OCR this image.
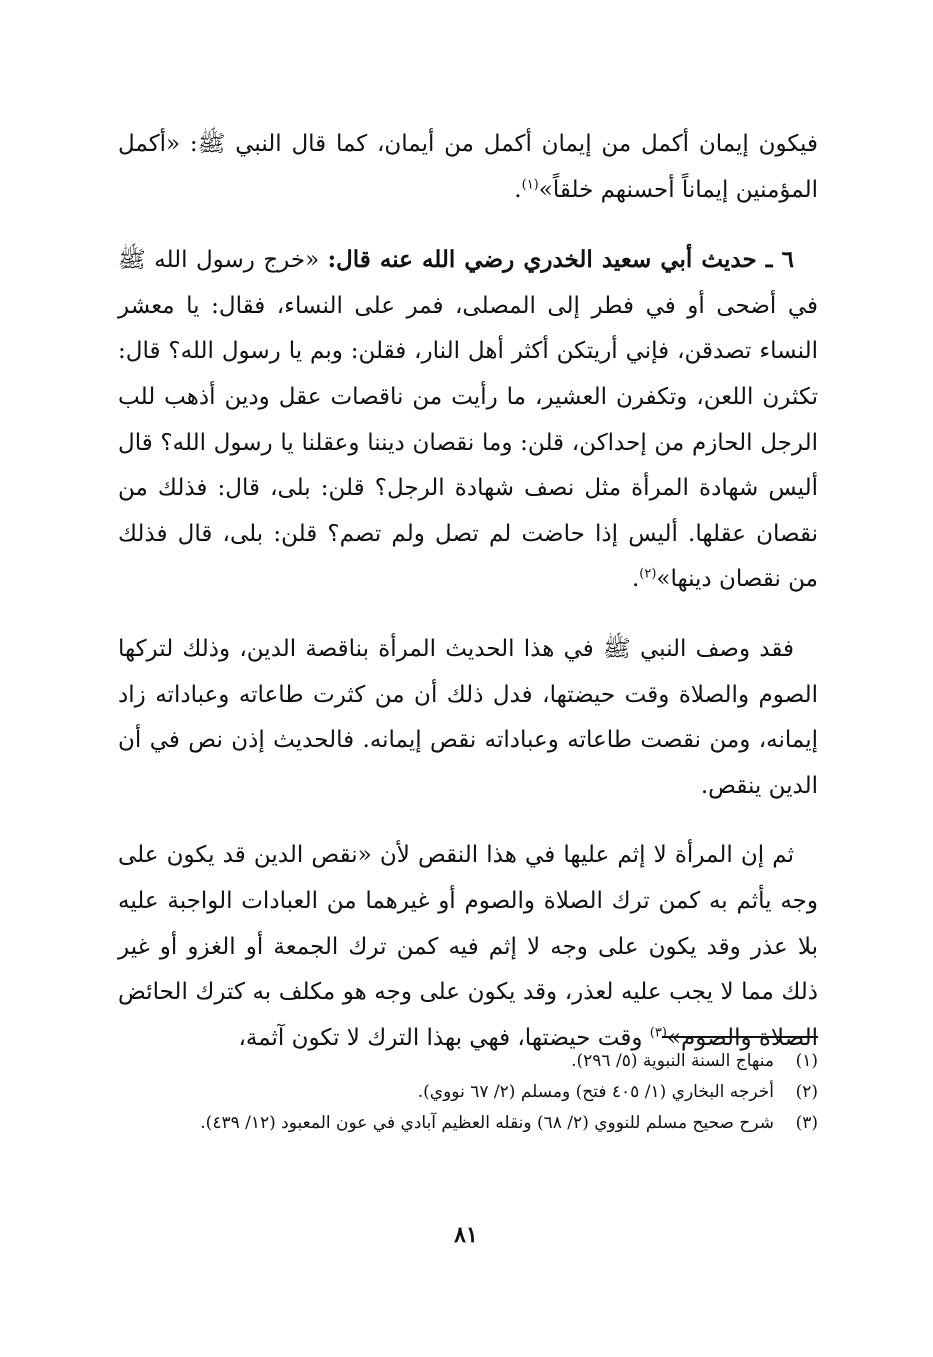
فيكون إيمان أكمل من إيمان أكمل من أيمان، كما قال النبي ﷺ: «أكمل المؤمنين إيماناً أحسنهم خلقاً»$^{(١)}$.

٦ ـ حديث أبي سعيد الخدري رضي الله عنه قال: «خرج رسول الله ﷺ في أضحى أو في فطر إلى المصلى، فمر على النساء، فقال: يا معشر النساء تصدقن، فإني أريتكن أكثر أهل النار، فقلن: وبم يا رسول الله؟ قال: تكثرن اللعن، وتكفرن العشير، ما رأيت من ناقصات عقل ودين أذهب للب الرجل الحازم من إحداكن، قلن: وما نقصان ديننا وعقلنا يا رسول الله؟ قال أليس شهادة المرأة مثل نصف شهادة الرجل؟ قلن: بلى، قال: فذلك من نقصان عقلها. أليس إذا حاضت لم تصل ولم تصم؟ قلن: بلى، قال فذلك من نقصان دينها»$^{(٢)}$.

فقد وصف النبي ﷺ في هذا الحديث المرأة بناقصة الدين، وذلك لتركها الصوم والصلاة وقت حيضتها، فدل ذلك أن من كثرت طاعاته وعباداته زاد إيمانه، ومن نقصت طاعاته وعباداته نقص إيمانه. فالحديث إذن نص في أن الدين ينقص.

ثم إن المرأة لا إثم عليها في هذا النقص لأن «نقص الدين قد يكون على وجه يأثم به كمن ترك الصلاة والصوم أو غيرهما من العبادات الواجبة عليه بلا عذر وقد يكون على وجه لا إثم فيه كمن ترك الجمعة أو الغزو أو غير ذلك مما لا يجب عليه لعذر، وقد يكون على وجه هو مكلف به كترك الحائض الصلاة والصوم»$^{(٣)}$ وقت حيضتها، فهي بهذا الترك لا تكون آثمة،

(١)
منهاج السنة النبوية (٥/ ٢٩٦).

(٢)
أخرجه البخاري (١/ ٤٠٥ فتح) ومسلم (٢/ ٦٧ نووي).

(٣)
شرح صحيح مسلم للنووي (٢/ ٦٨) ونقله العظيم آبادي في عون المعبود (١٢/ ٤٣٩).

٨١
